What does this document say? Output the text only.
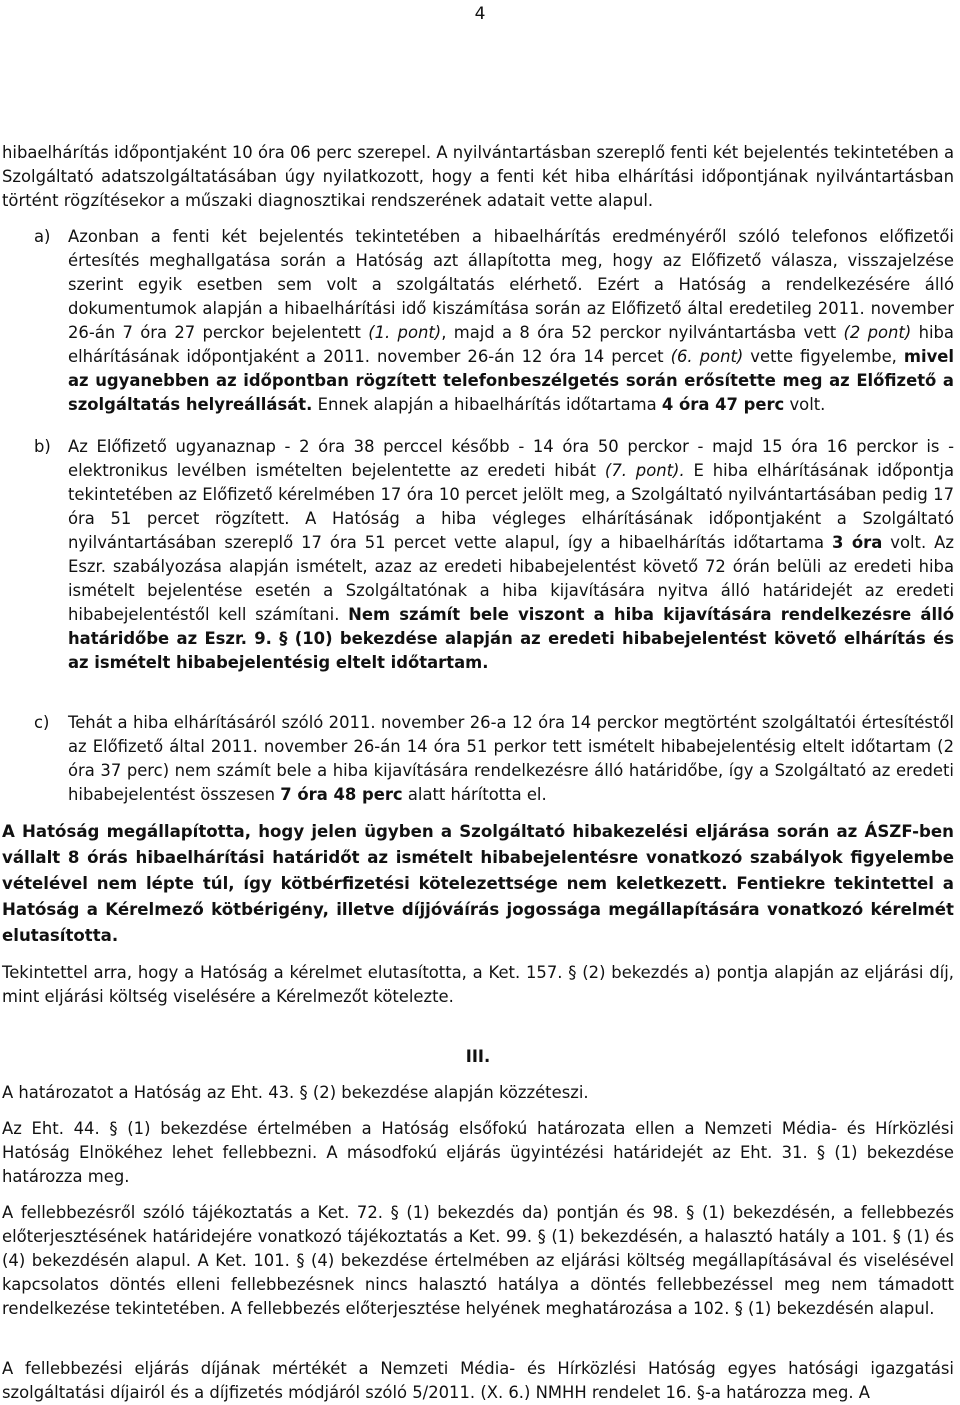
4

hibaelhárítás időpontjaként 10 óra 06 perc szerepel. A nyilvántartásban szereplő fenti két bejelentés tekintetében a Szolgáltató adatszolgáltatásában úgy nyilatkozott, hogy a fenti két hiba elhárítási időpontjának nyilvántartásban történt rögzítésekor a műszaki diagnosztikai rendszerének adatait vette alapul.

a)	Azonban a fenti két bejelentés tekintetében a hibaelhárítás eredményéről szóló telefonos előfizetői értesítés meghallgatása során a Hatóság azt állapította meg, hogy az Előfizető válasza, visszajelzése szerint egyik esetben sem volt a szolgáltatás elérhető. Ezért a Hatóság a rendelkezésére álló dokumentumok alapján a hibaelhárítási idő kiszámítása során az Előfizető által eredetileg 2011. november 26-án 7 óra 27 perckor bejelentett (1. pont), majd a 8 óra 52 perckor nyilvántartásba vett (2 pont) hiba elhárításának időpontjaként a 2011. november 26-án 12 óra 14 percet (6. pont) vette figyelembe, mivel az ugyanebben az időpontban rögzített telefonbeszélgetés során erősítette meg az Előfizető a szolgáltatás helyreállását. Ennek alapján a hibaelhárítás időtartama 4 óra 47 perc volt.
b)	Az Előfizető ugyanaznap - 2 óra 38 perccel később - 14 óra 50 perckor - majd 15 óra 16 perckor is - elektronikus levélben ismételten bejelentette az eredeti hibát (7. pont). E hiba elhárításának időpontja tekintetében az Előfizető kérelmében 17 óra 10 percet jelölt meg, a Szolgáltató nyilvántartásában pedig 17 óra 51 percet rögzített. A Hatóság a hiba végleges elhárításának időpontjaként a Szolgáltató nyilvántartásában szereplő 17 óra 51 percet vette alapul, így a hibaelhárítás időtartama 3 óra volt. Az Eszr. szabályozása alapján ismételt, azaz az eredeti hibabejelentést követő 72 órán belüli az eredeti hiba ismételt bejelentése esetén a Szolgáltatónak a hiba kijavítására nyitva álló határidejét az eredeti hibabejelentéstől kell számítani. Nem számít bele viszont a hiba kijavítására rendelkezésre álló határidőbe az Eszr. 9. § (10) bekezdése alapján az eredeti hibabejelentést követő elhárítás és az ismételt hibabejelentésig eltelt időtartam.
c)	Tehát a hiba elhárításáról szóló 2011. november 26-a 12 óra 14 perckor megtörtént szolgáltatói értesítéstől az Előfizető által 2011. november 26-án 14 óra 51 perkor tett ismételt hibabejelentésig eltelt időtartam (2 óra 37 perc) nem számít bele a hiba kijavítására rendelkezésre álló határidőbe, így a Szolgáltató az eredeti hibabejelentést összesen 7 óra 48 perc alatt hárította el.

A Hatóság megállapította, hogy jelen ügyben a Szolgáltató hibakezelési eljárása során az ÁSZF-ben vállalt 8 órás hibaelhárítási határidőt az ismételt hibabejelentésre vonatkozó szabályok figyelembe vételével nem lépte túl, így kötbérfizetési kötelezettsége nem keletkezett. Fentiekre tekintettel a Hatóság a Kérelmező kötbérigény, illetve díjjóváírás jogossága megállapítására vonatkozó kérelmét elutasította.

Tekintettel arra, hogy a Hatóság a kérelmet elutasította, a Ket. 157. § (2) bekezdés a) pontja alapján az eljárási díj, mint eljárási költség viselésére a Kérelmezőt kötelezte.

III.

A határozatot a Hatóság az Eht. 43. § (2) bekezdése alapján közzéteszi.

Az Eht. 44. § (1) bekezdése értelmében a Hatóság elsőfokú határozata ellen a Nemzeti Média- és Hírközlési Hatóság Elnökéhez lehet fellebbezni. A másodfokú eljárás ügyintézési határidejét az Eht. 31. § (1) bekezdése határozza meg.

A fellebbezésről szóló tájékoztatás a Ket. 72. § (1) bekezdés da) pontján és 98. § (1) bekezdésén, a fellebbezés előterjesztésének határidejére vonatkozó tájékoztatás a Ket. 99. § (1) bekezdésén, a halasztó hatály a 101. § (1) és (4) bekezdésén alapul. A Ket. 101. § (4) bekezdése értelmében az eljárási költség megállapításával és viselésével kapcsolatos döntés elleni fellebbezésnek nincs halasztó hatálya a döntés fellebbezéssel meg nem támadott rendelkezése tekintetében. A fellebbezés előterjesztése helyének meghatározása a 102. § (1) bekezdésén alapul.

A fellebbezési eljárás díjának mértékét a Nemzeti Média- és Hírközlési Hatóság egyes hatósági igazgatási szolgáltatási díjairól és a díjfizetés módjáról szóló 5/2011. (X. 6.) NMHH rendelet 16. §-a határozza meg. A
